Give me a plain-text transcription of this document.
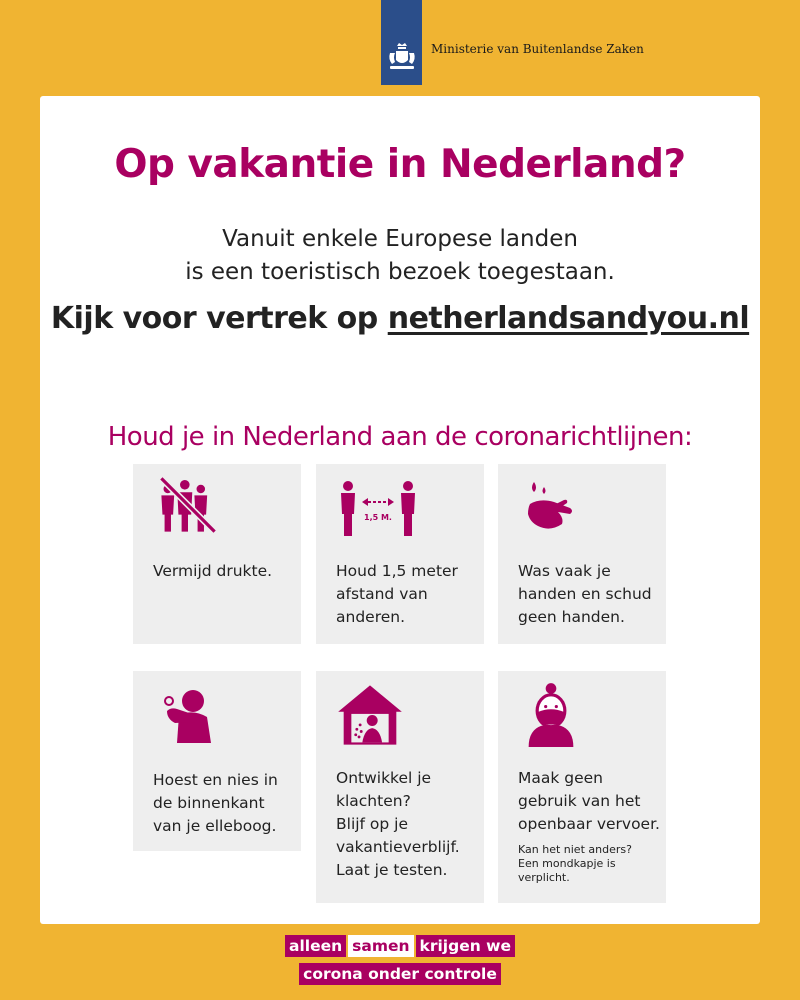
Ministerie van Buitenlandse Zaken
Op vakantie in Nederland?
Vanuit enkele Europese landen
is een toeristisch bezoek toegestaan.
Kijk voor vertrek op netherlandsandyou.nl
Houd je in Nederland aan de coronarichtlijnen:
Vermijd drukte.
1,5 M.
Houd 1,5 meter
afstand van
anderen.
Was vaak je
handen en schud
geen handen.
Hoest en nies in
de binnenkant
van je elleboog.
Ontwikkel je
klachten?
Blijf op je
vakantieverblijf.
Laat je testen.
Maak geen
gebruik van het
openbaar vervoer.
Kan het niet anders?
Een mondkapje is
verplicht.
alleen samen krijgen we
corona onder controle
